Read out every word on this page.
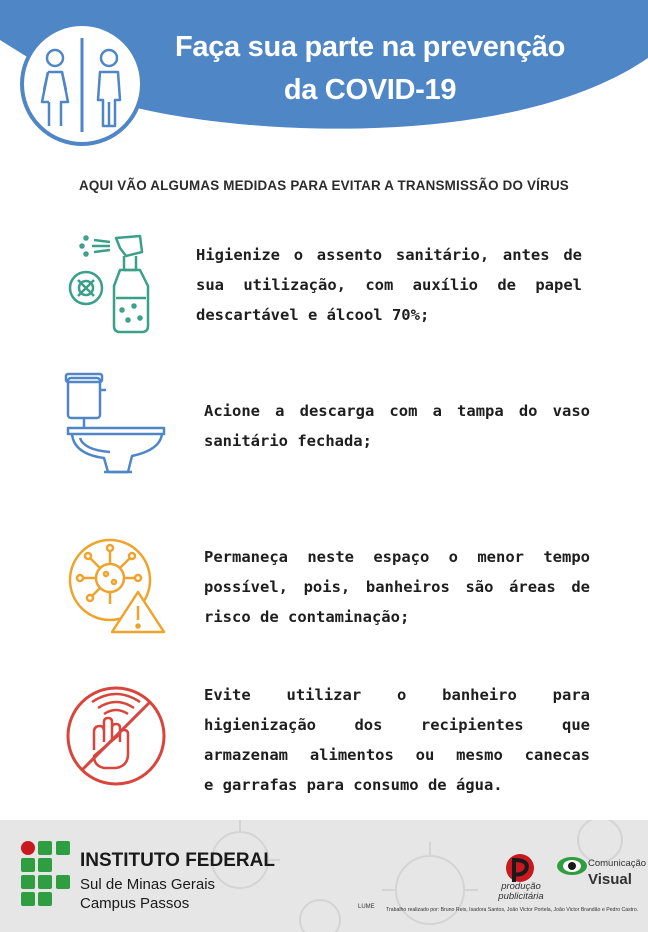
Faça sua parte na prevenção
da COVID-19
AQUI VÃO ALGUMAS MEDIDAS PARA EVITAR A TRANSMISSÃO DO VÍRUS
Higienize o assento sanitário, antes de
sua utilização, com auxílio de papel
descartável e álcool 70%;
Acione a descarga com a tampa do vaso
sanitário fechada;
Permaneça neste espaço o menor tempo
possível, pois, banheiros são áreas de
risco de contaminação;
Evite utilizar o banheiro para
higienização dos recipientes que
armazenam alimentos ou mesmo canecas
e garrafas para consumo de água.
INSTITUTO FEDERAL
Sul de Minas Gerais
Campus Passos
produção
publicitária
Comunicação
Visual
LUME Trabalho realizado por: Bruno Reis, Isadora Santos, João Victor Portela, João Victor Brandão e Pedro Castro.
